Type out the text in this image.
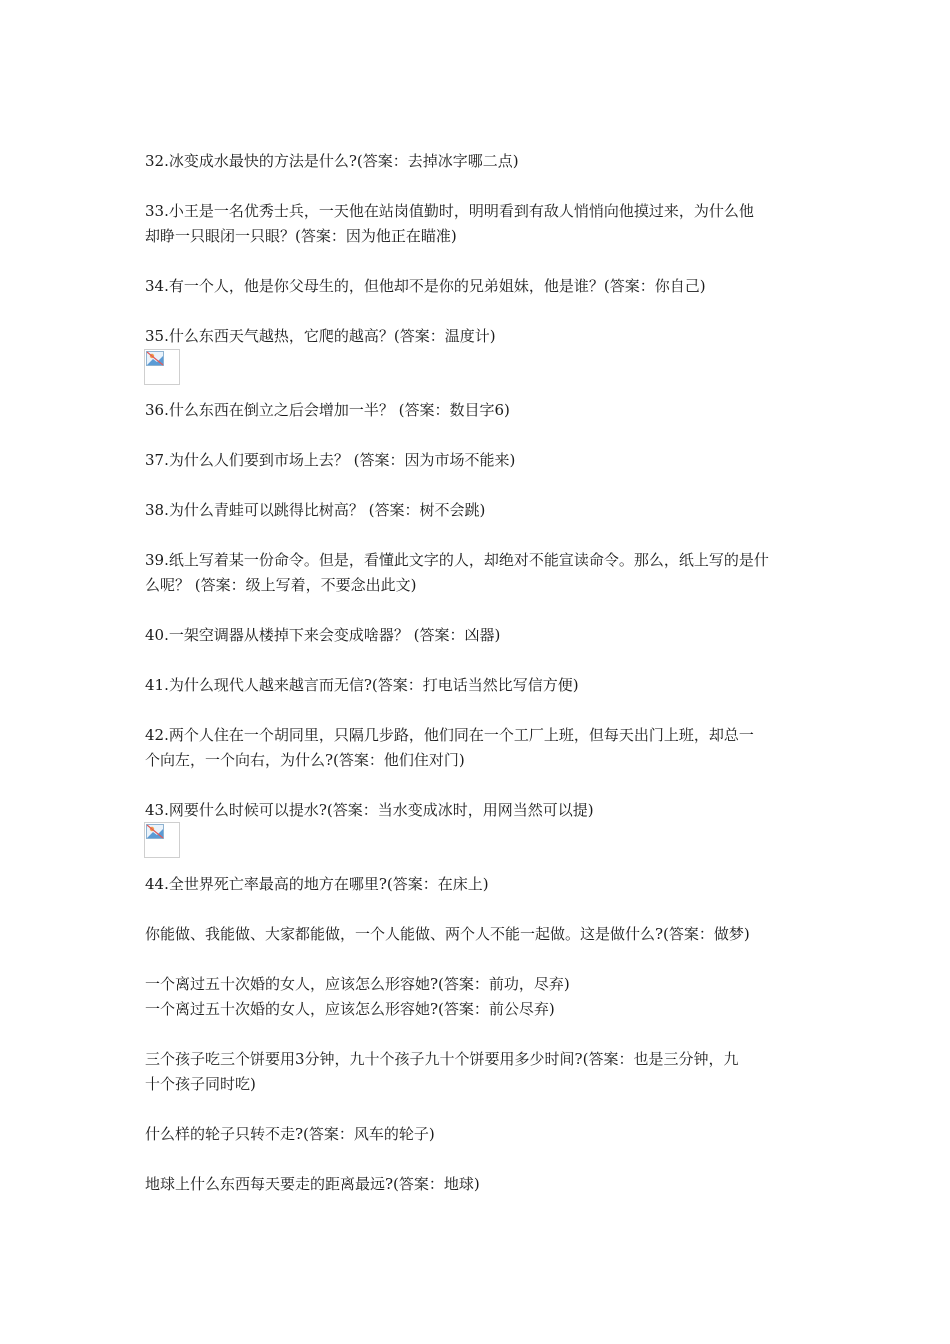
32.冰变成水最快的方法是什么?(答案：去掉冰字哪二点)
33.小王是一名优秀士兵，一天他在站岗值勤时，明明看到有敌人悄悄向他摸过来，为什么他
却睁一只眼闭一只眼？(答案：因为他正在瞄准)
34.有一个人，他是你父母生的，但他却不是你的兄弟姐妹，他是谁？(答案：你自己)
35.什么东西天气越热，它爬的越高？(答案：温度计)
36.什么东西在倒立之后会增加一半？ (答案：数目字6)
37.为什么人们要到市场上去？ (答案：因为市场不能来)
38.为什么青蛙可以跳得比树高？ (答案：树不会跳)
39.纸上写着某一份命令。但是，看懂此文字的人，却绝对不能宣读命令。那么，纸上写的是什
么呢？ (答案：级上写着，不要念出此文)
40.一架空调器从楼掉下来会变成啥器？ (答案：凶器)
41.为什么现代人越来越言而无信?(答案：打电话当然比写信方便)
42.两个人住在一个胡同里，只隔几步路，他们同在一个工厂上班，但每天出门上班，却总一
个向左，一个向右，为什么?(答案：他们住对门)
43.网要什么时候可以提水?(答案：当水变成冰时，用网当然可以提)
44.全世界死亡率最高的地方在哪里?(答案：在床上)
你能做、我能做、大家都能做，一个人能做、两个人不能一起做。这是做什么?(答案：做梦)
一个离过五十次婚的女人，应该怎么形容她?(答案：前功，尽弃)
一个离过五十次婚的女人，应该怎么形容她?(答案：前公尽弃)
三个孩子吃三个饼要用3分钟，九十个孩子九十个饼要用多少时间?(答案：也是三分钟，九
十个孩子同时吃)
什么样的轮子只转不走?(答案：风车的轮子)
地球上什么东西每天要走的距离最远?(答案：地球)
